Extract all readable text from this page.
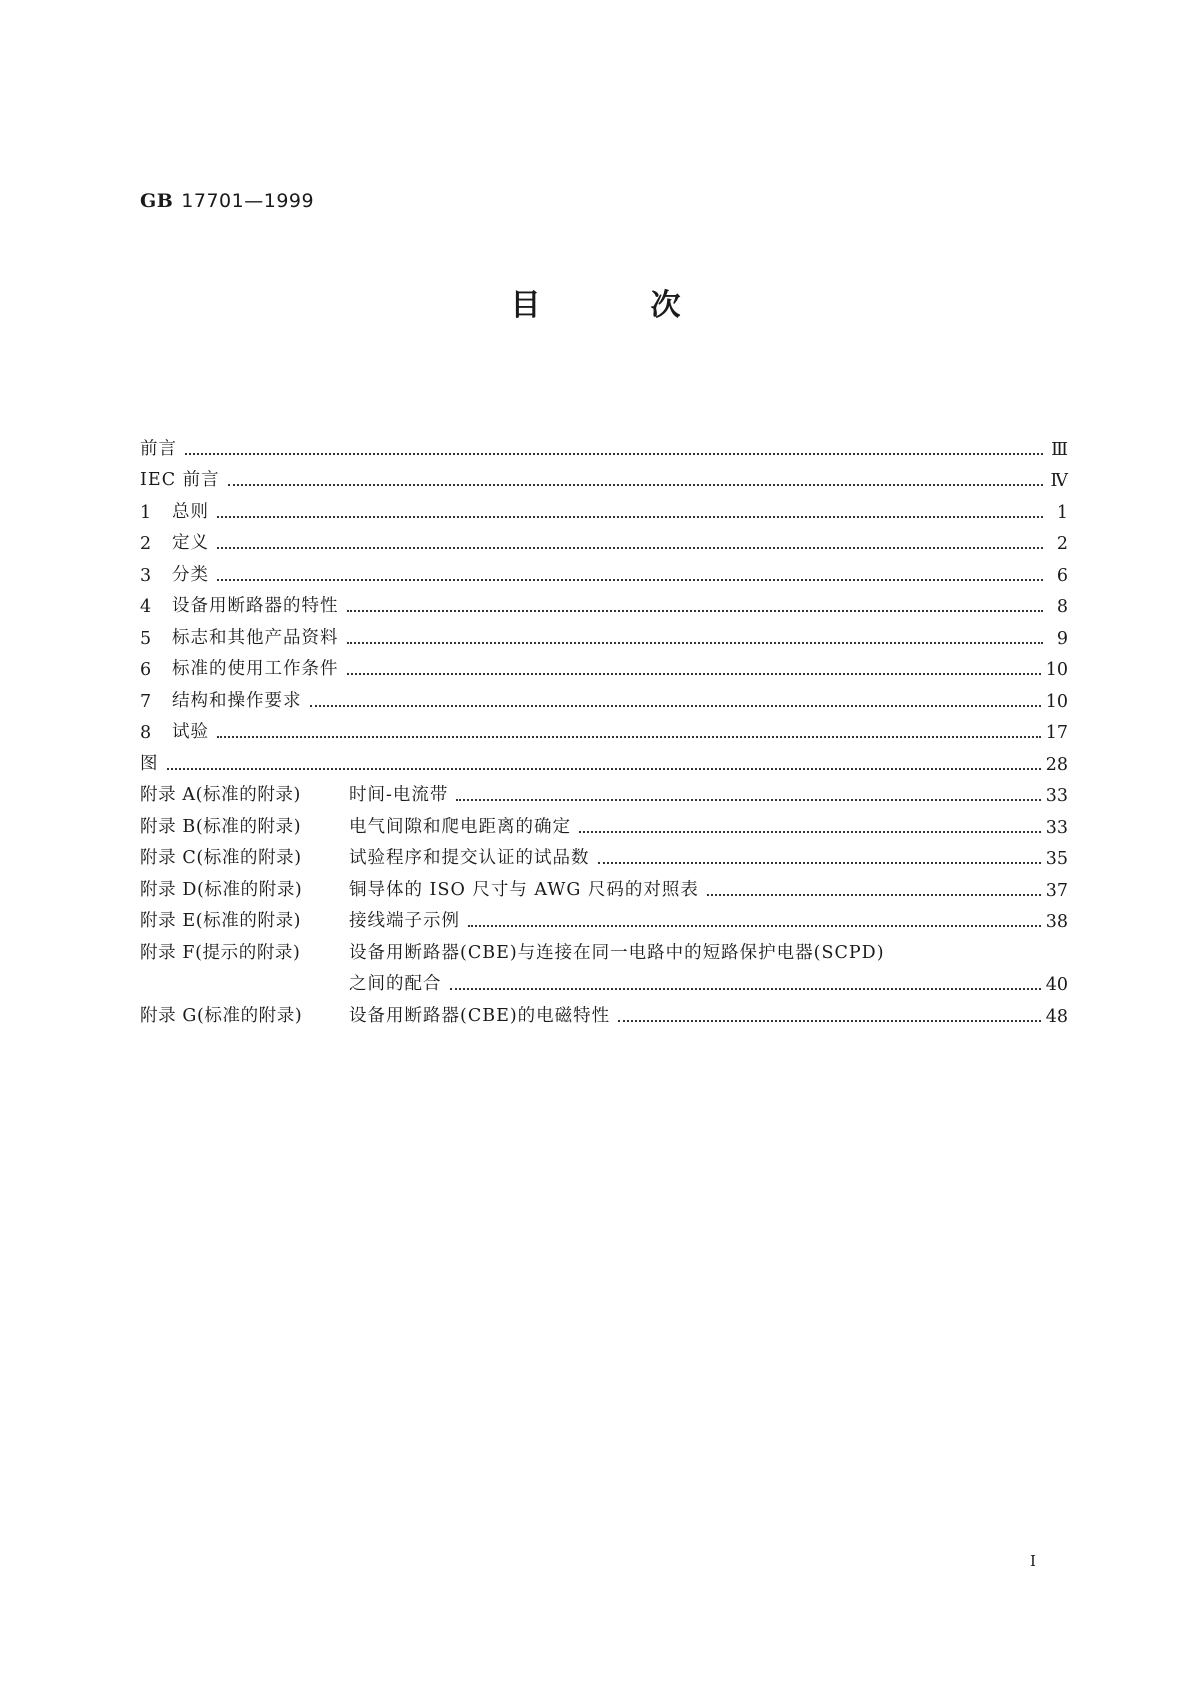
GB 17701—1999
目	次
前言	Ⅲ
IEC 前言	Ⅳ
1	总则	1
2	定义	2
3	分类	6
4	设备用断路器的特性	8
5	标志和其他产品资料	9
6	标准的使用工作条件	10
7	结构和操作要求	10
8	试验	17
图	28
附录 A(标准的附录)	时间-电流带	33
附录 B(标准的附录)	电气间隙和爬电距离的确定	33
附录 C(标准的附录)	试验程序和提交认证的试品数	35
附录 D(标准的附录)	铜导体的 ISO 尺寸与 AWG 尺码的对照表	37
附录 E(标准的附录)	接线端子示例	38
附录 F(提示的附录)	设备用断路器(CBE)与连接在同一电路中的短路保护电器(SCPD)
之间的配合	40
附录 G(标准的附录)	设备用断路器(CBE)的电磁特性	48
I
